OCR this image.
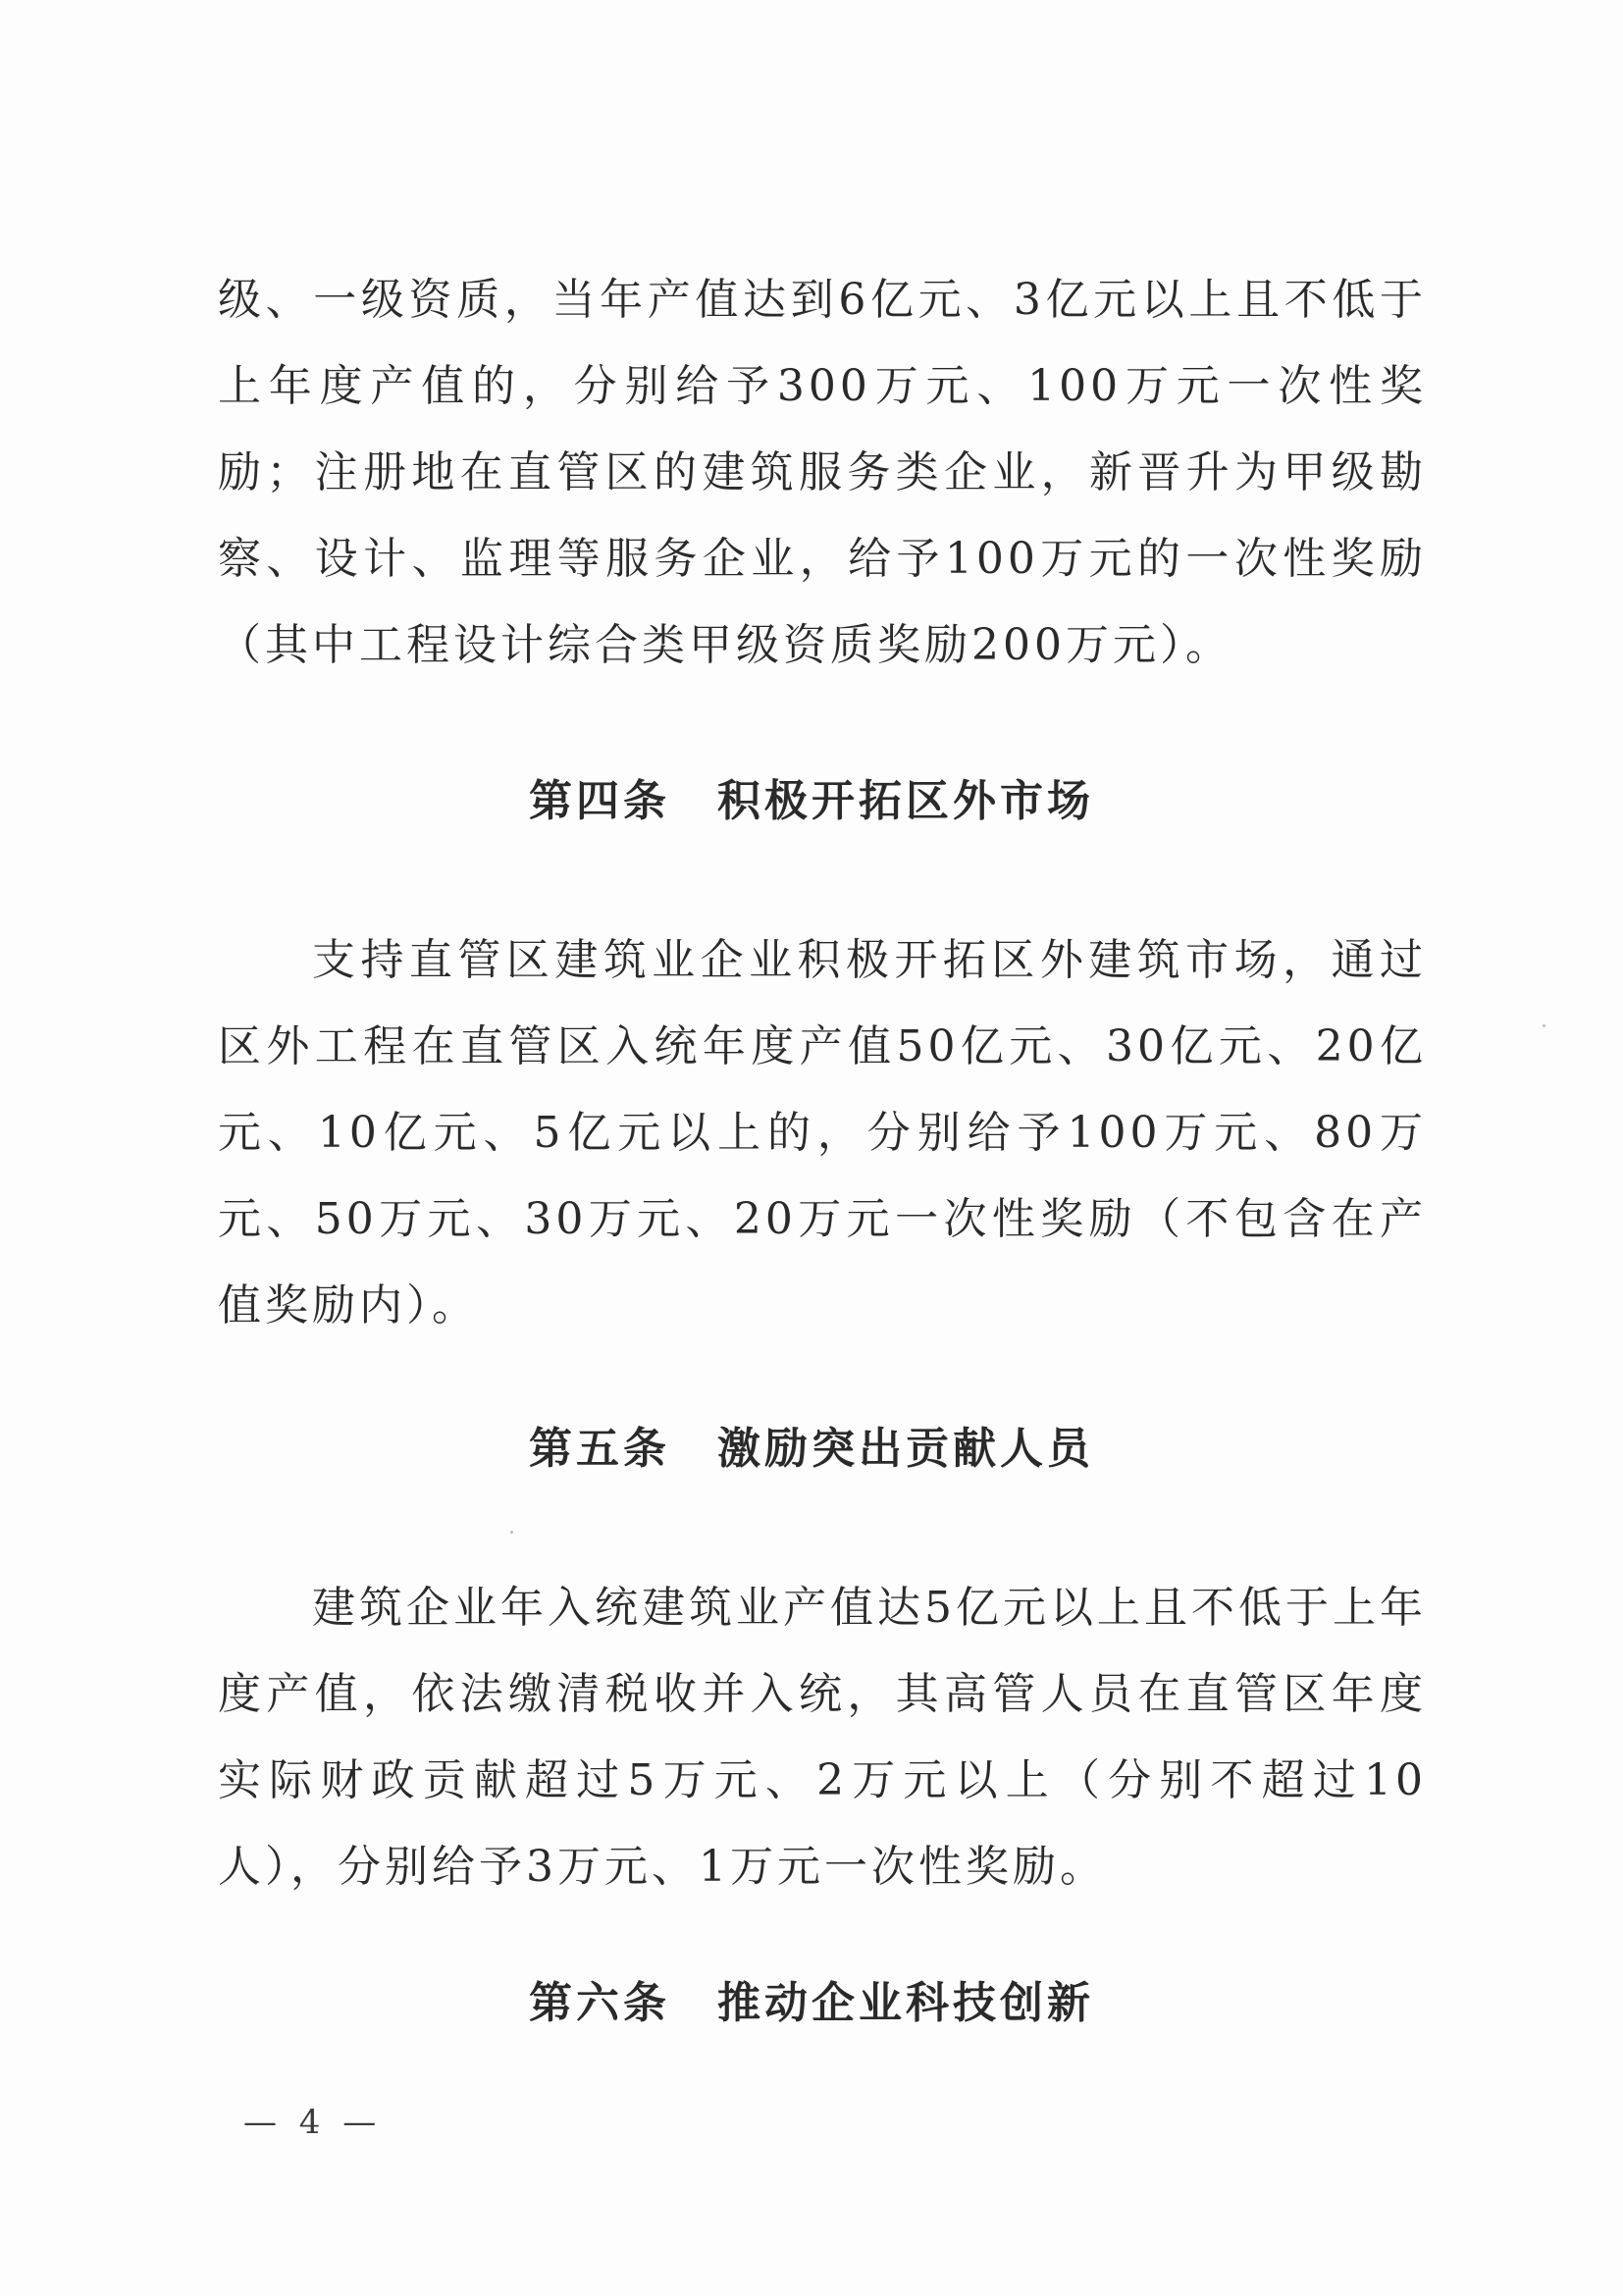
级、一级资质，当年产值达到6亿元、3亿元以上且不低于上年度产值的，分别给予300万元、100万元一次性奖励；注册地在直管区的建筑服务类企业，新晋升为甲级勘察、设计、监理等服务企业，给予100万元的一次性奖励（其中工程设计综合类甲级资质奖励200万元）。

第四条　积极开拓区外市场

支持直管区建筑业企业积极开拓区外建筑市场，通过区外工程在直管区入统年度产值50亿元、30亿元、20亿元、10亿元、5亿元以上的，分别给予100万元、80万元、50万元、30万元、20万元一次性奖励（不包含在产值奖励内）。

第五条　激励突出贡献人员

建筑企业年入统建筑业产值达5亿元以上且不低于上年度产值，依法缴清税收并入统，其高管人员在直管区年度实际财政贡献超过5万元、2万元以上（分别不超过10人），分别给予3万元、1万元一次性奖励。

第六条　推动企业科技创新
— 4 —
